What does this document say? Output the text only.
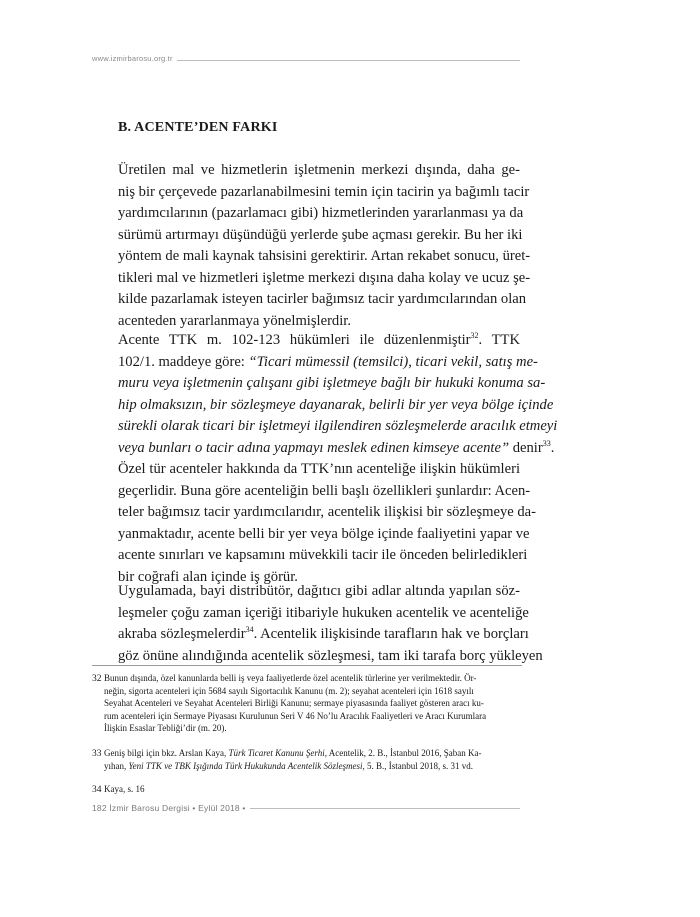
www.izmirbarosu.org.tr
B. ACENTE’DEN FARKI
Üretilen mal ve hizmetlerin işletmenin merkezi dışında, daha ge-
niş bir çerçevede pazarlanabilmesini temin için tacirin ya bağımlı tacir
yardımcılarının (pazarlamacı gibi) hizmetlerinden yararlanması ya da
sürümü artırmayı düşündüğü yerlerde şube açması gerekir. Bu her iki
yöntem de mali kaynak tahsisini gerektirir. Artan rekabet sonucu, üret-
tikleri mal ve hizmetleri işletme merkezi dışına daha kolay ve ucuz şe-
kilde pazarlamak isteyen tacirler bağımsız tacir yardımcılarından olan
acenteden yararlanmaya yönelmişlerdir.
Acente TTK m. 102-123 hükümleri ile düzenlenmiştir$^{32}$. TTK
102/1. maddeye göre: “Ticari mümessil (temsilci), ticari vekil, satış me-
muru veya işletmenin çalışanı gibi işletmeye bağlı bir hukuki konuma sa-
hip olmaksızın, bir sözleşmeye dayanarak, belirli bir yer veya bölge içinde
sürekli olarak ticari bir işletmeyi ilgilendiren sözleşmelerde aracılık etmeyi
veya bunları o tacir adına yapmayı meslek edinen kimseye acente” denir$^{33}$.
Özel tür acenteler hakkında da TTK’nın acenteliğe ilişkin hükümleri
geçerlidir. Buna göre acenteliğin belli başlı özellikleri şunlardır: Acen-
teler bağımsız tacir yardımcılarıdır, acentelik ilişkisi bir sözleşmeye da-
yanmaktadır, acente belli bir yer veya bölge içinde faaliyetini yapar ve
acente sınırları ve kapsamını müvekkili tacir ile önceden belirledikleri
bir coğrafi alan içinde iş görür.
Uygulamada, bayi distribütör, dağıtıcı gibi adlar altında yapılan söz-
leşmeler çoğu zaman içeriği itibariyle hukuken acentelik ve acenteliğe
akraba sözleşmelerdir$^{34}$. Acentelik ilişkisinde tarafların hak ve borçları
göz önüne alındığında acentelik sözleşmesi, tam iki tarafa borç yükleyen
32 Bunun dışında, özel kanunlarda belli iş veya faaliyetlerde özel acentelik türlerine yer verilmektedir. Ör-
neğin, sigorta acenteleri için 5684 sayılı Sigortacılık Kanunu (m. 2); seyahat acenteleri için 1618 sayılı
Seyahat Acenteleri ve Seyahat Acenteleri Birliği Kanunu; sermaye piyasasında faaliyet gösteren aracı ku-
rum acenteleri için Sermaye Piyasası Kurulunun Seri V 46 No’lu Aracılık Faaliyetleri ve Aracı Kurumlara
İlişkin Esaslar Tebliği’dir (m. 20).
33 Geniş bilgi için bkz. Arslan Kaya, Türk Ticaret Kanunu Şerhi, Acentelik, 2. B., İstanbul 2016, Şaban Ka-
yıhan, Yeni TTK ve TBK Işığında Türk Hukukunda Acentelik Sözleşmesi, 5. B., İstanbul 2018, s. 31 vd.
34 Kaya, s. 16
182 İzmir Barosu Dergisi • Eylül 2018 •
